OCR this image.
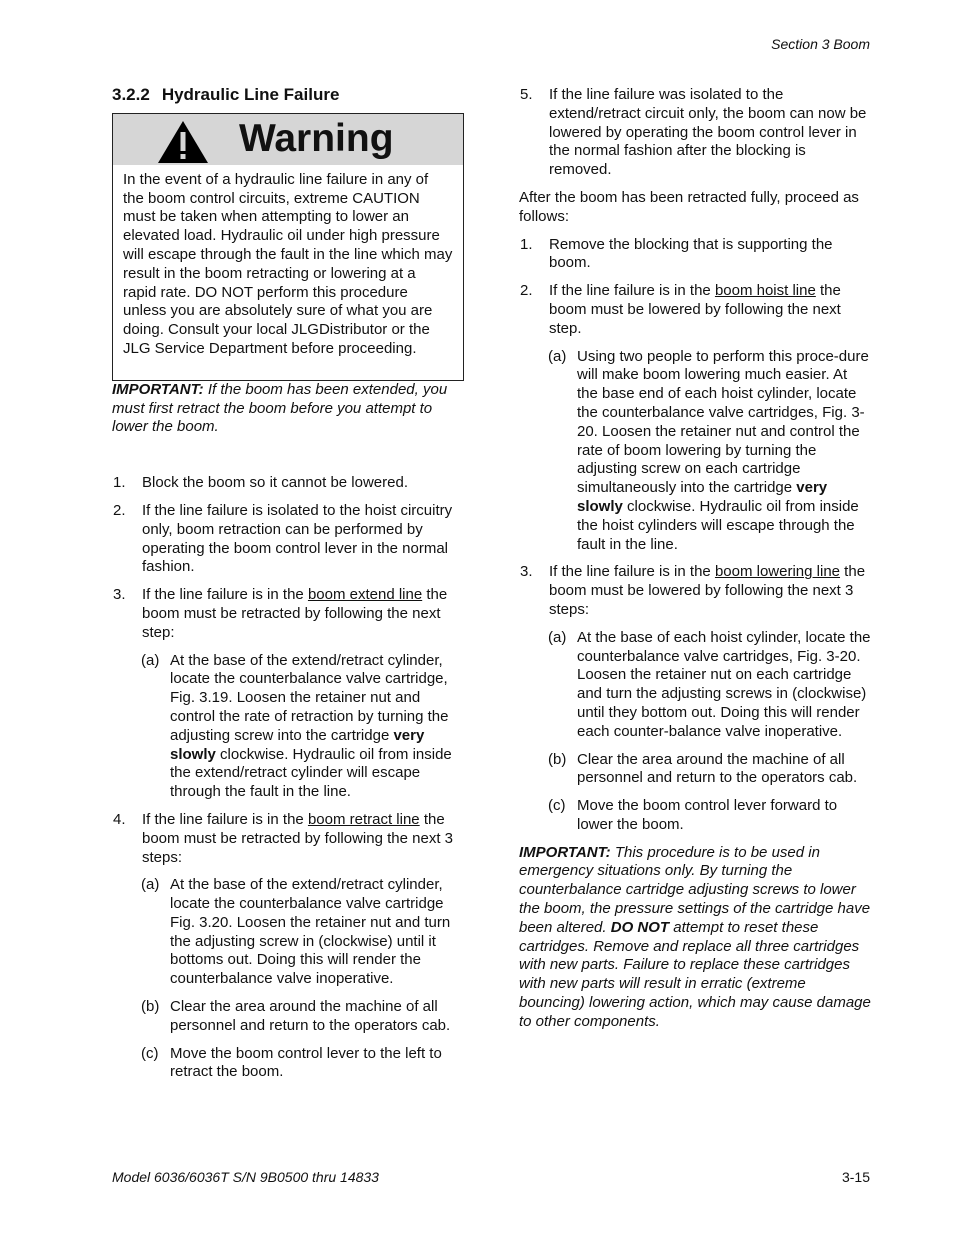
Section 3 Boom
3.2.2 Hydraulic Line Failure
Warning
In the event of a hydraulic line failure in any of the boom control circuits, extreme CAUTION must be taken when attempting to lower an elevated load. Hydraulic oil under high pressure will escape through the fault in the line which may result in the boom retracting or lowering at a rapid rate. DO NOT perform this procedure unless you are absolutely sure of what you are doing. Consult your local JLGDistributor or the JLG Service Department before proceeding.

IMPORTANT: If the boom has been extended, you must first retract the boom before you attempt to lower the boom.

1. Block the boom so it cannot be lowered.
2. If the line failure is isolated to the hoist circuitry only, boom retraction can be performed by operating the boom control lever in the normal fashion.
3. If the line failure is in the boom extend line the boom must be retracted by following the next step:
(a) At the base of the extend/retract cylinder, locate the counterbalance valve cartridge, Fig. 3.19. Loosen the retainer nut and control the rate of retraction by turning the adjusting screw into the cartridge very slowly clockwise. Hydraulic oil from inside the extend/retract cylinder will escape through the fault in the line.
4. If the line failure is in the boom retract line the boom must be retracted by following the next 3 steps:
(a) At the base of the extend/retract cylinder, locate the counterbalance valve cartridge Fig. 3.20. Loosen the retainer nut and turn the adjusting screw in (clockwise) until it bottoms out. Doing this will render the counterbalance valve inoperative.
(b) Clear the area around the machine of all personnel and return to the operators cab.
(c) Move the boom control lever to the left to retract the boom.
5. If the line failure was isolated to the extend/retract circuit only, the boom can now be lowered by operating the boom control lever in the normal fashion after the blocking is removed.

After the boom has been retracted fully, proceed as follows:

1. Remove the blocking that is supporting the boom.
2. If the line failure is in the boom hoist line the boom must be lowered by following the next step.
(a) Using two people to perform this proce-dure will make boom lowering much easier. At the base end of each hoist cylinder, locate the counterbalance valve cartridges, Fig. 3-20. Loosen the retainer nut and control the rate of boom lowering by turning the adjusting screw on each cartridge simultaneously into the cartridge very slowly clockwise. Hydraulic oil from inside the hoist cylinders will escape through the fault in the line.
3. If the line failure is in the boom lowering line the boom must be lowered by following the next 3 steps:
(a) At the base of each hoist cylinder, locate the counterbalance valve cartridges, Fig. 3-20. Loosen the retainer nut on each cartridge and turn the adjusting screws in (clockwise) until they bottom out. Doing this will render each counter-balance valve inoperative.
(b) Clear the area around the machine of all personnel and return to the operators cab.
(c) Move the boom control lever forward to lower the boom.

IMPORTANT: This procedure is to be used in emergency situations only. By turning the counterbalance cartridge adjusting screws to lower the boom, the pressure settings of the cartridge have been altered. DO NOT attempt to reset these cartridges. Remove and replace all three cartridges with new parts. Failure to replace these cartridges with new parts will result in erratic (extreme bouncing) lowering action, which may cause damage to other components.

Model 6036/6036T S/N 9B0500 thru 14833	3-15
